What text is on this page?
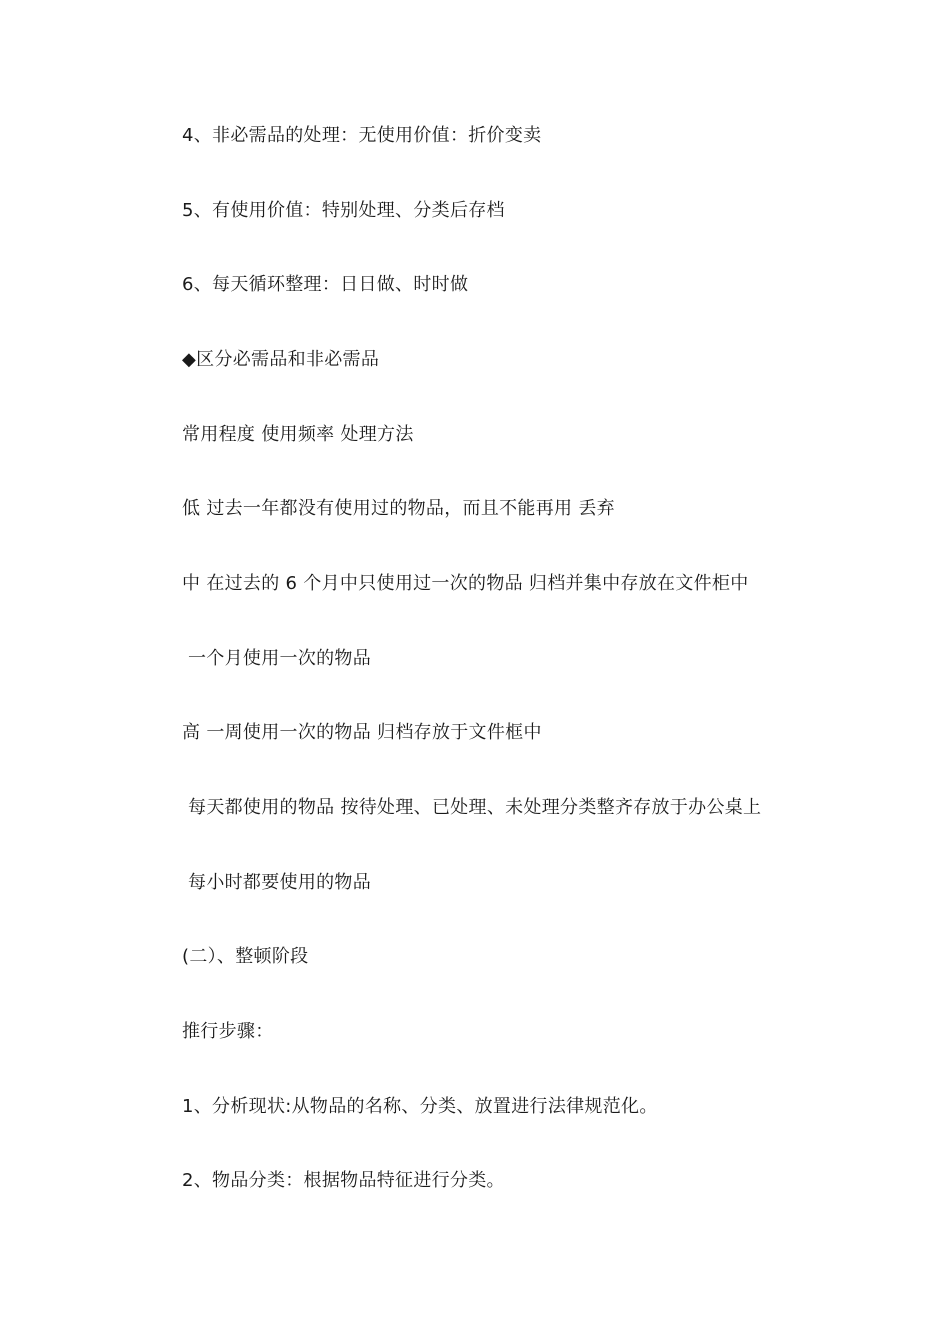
4、非必需品的处理：无使用价值：折价变卖
5、有使用价值：特别处理、分类后存档
6、每天循环整理：日日做、时时做
◆区分必需品和非必需品
常用程度 使用频率 处理方法
低 过去一年都没有使用过的物品，而且不能再用 丢弃
中 在过去的 6 个月中只使用过一次的物品 归档并集中存放在文件柜中
一个月使用一次的物品
高 一周使用一次的物品 归档存放于文件框中
每天都使用的物品 按待处理、已处理、未处理分类整齐存放于办公桌上
每小时都要使用的物品
(二）、整顿阶段
推行步骤：
1、分析现状:从物品的名称、分类、放置进行法律规范化。
2、物品分类：根据物品特征进行分类。
